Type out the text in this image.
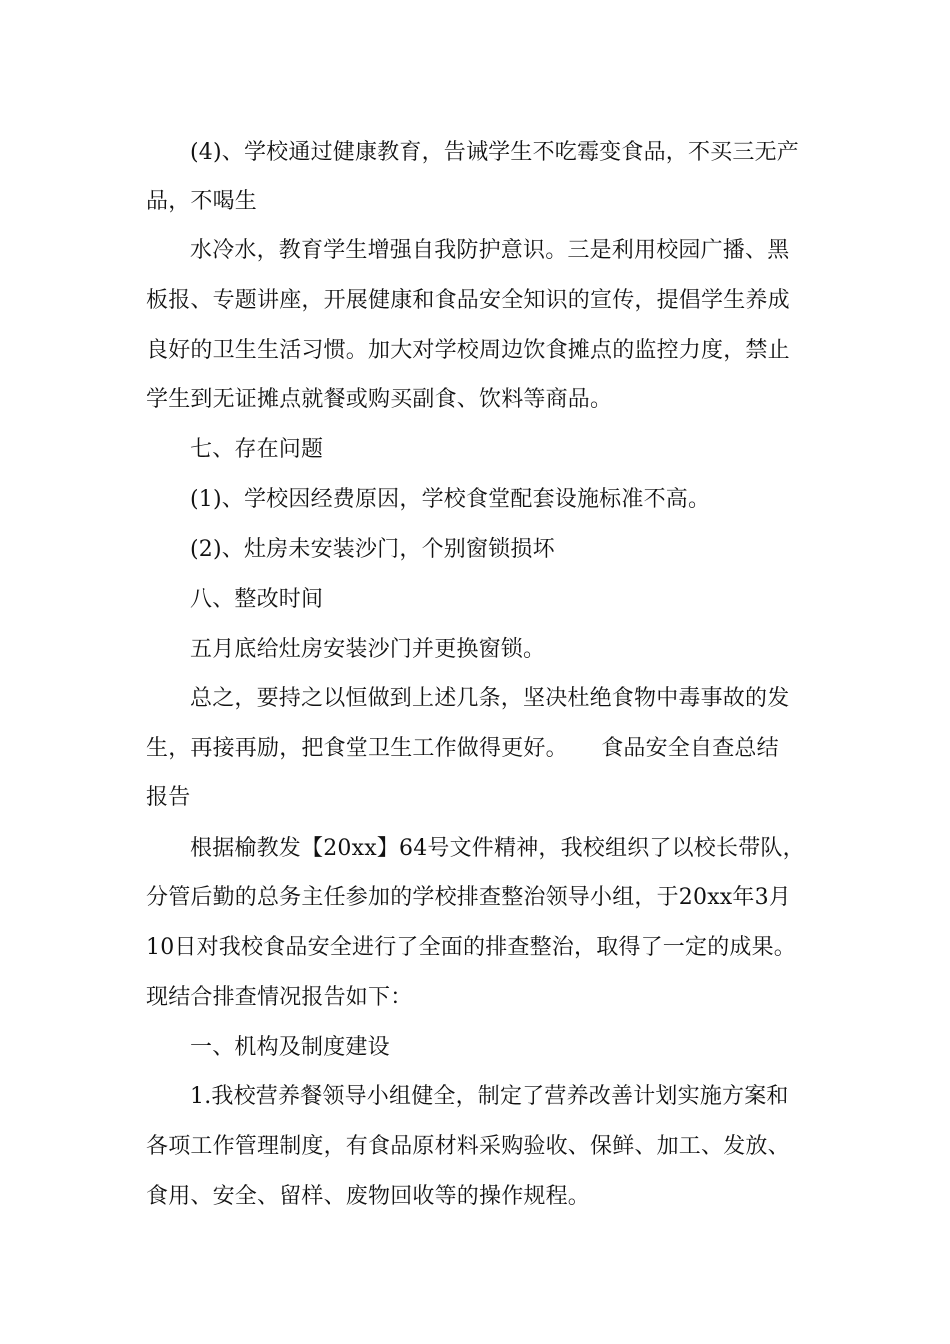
(4)、学校通过健康教育，告诫学生不吃霉变食品，不买三无产
品，不喝生
水冷水，教育学生增强自我防护意识。三是利用校园广播、黑
板报、专题讲座，开展健康和食品安全知识的宣传，提倡学生养成
良好的卫生生活习惯。加大对学校周边饮食摊点的监控力度，禁止
学生到无证摊点就餐或购买副食、饮料等商品。
七、存在问题
(1)、学校因经费原因，学校食堂配套设施标准不高。
(2)、灶房未安装沙门，个别窗锁损坏
八、整改时间
五月底给灶房安装沙门并更换窗锁。
总之，要持之以恒做到上述几条，坚决杜绝食物中毒事故的发
生，再接再励，把食堂卫生工作做得更好。　　食品安全自查总结
报告
根据榆教发【20xx】64号文件精神，我校组织了以校长带队，
分管后勤的总务主任参加的学校排查整治领导小组，于20xx年3月
10日对我校食品安全进行了全面的排查整治，取得了一定的成果。
现结合排查情况报告如下：
一、机构及制度建设
1.我校营养餐领导小组健全，制定了营养改善计划实施方案和
各项工作管理制度，有食品原材料采购验收、保鲜、加工、发放、
食用、安全、留样、废物回收等的操作规程。
